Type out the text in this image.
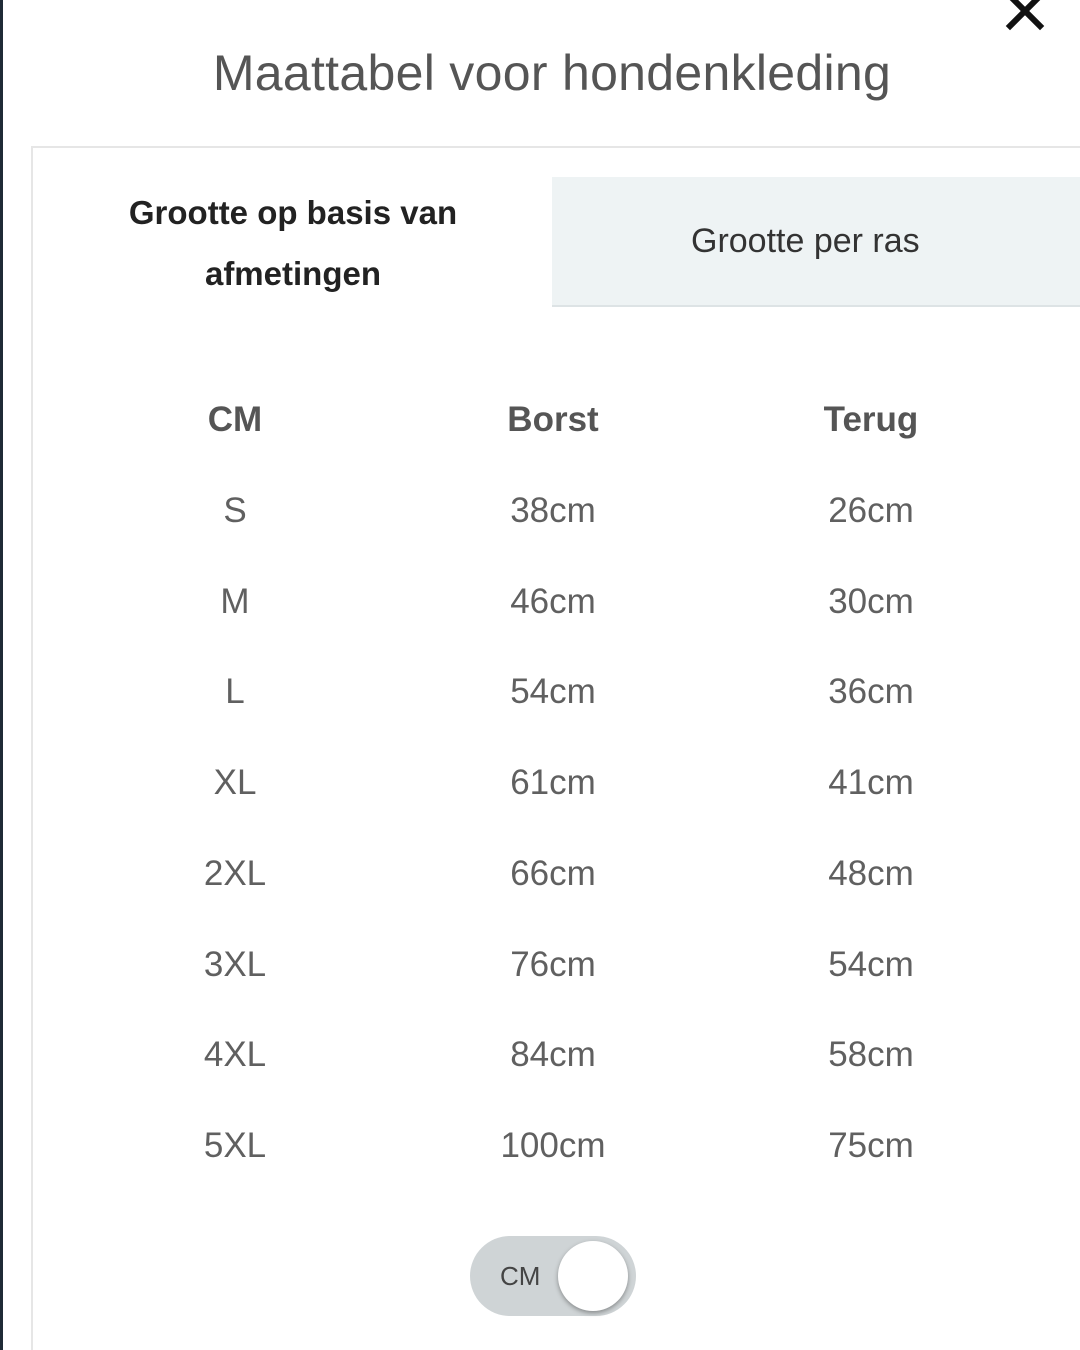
Maattabel voor hondenkleding
Grootte op basis van
afmetingen
Grootte per ras
CM	Borst	Terug
S	38cm	26cm
M	46cm	30cm
L	54cm	36cm
XL	61cm	41cm
2XL	66cm	48cm
3XL	76cm	54cm
4XL	84cm	58cm
5XL	100cm	75cm
CM
